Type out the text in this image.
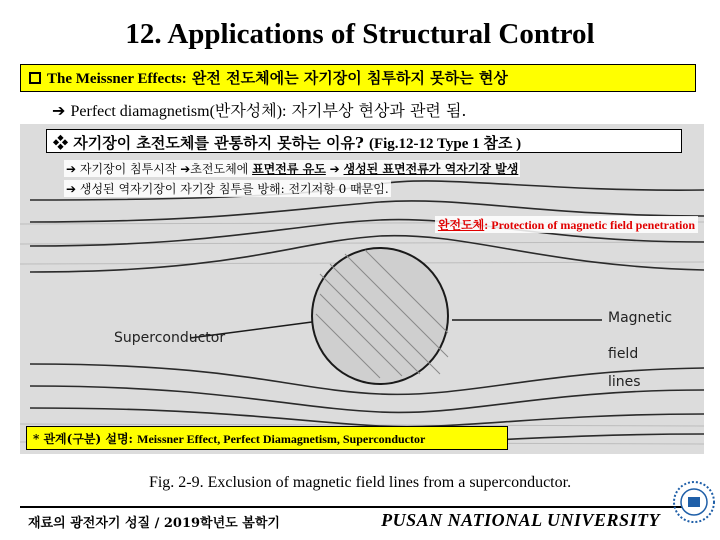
12. Applications of Structural Control
The Meissner Effects: 완전 전도체에는 자기장이 침투하지 못하는 현상
➔ Perfect diamagnetism(반자성체): 자기부상 현상과 관련 됨.
Superconductor
Magnetic
field
lines
❖ 자기장이 초전도체를 관통하지 못하는 이유? (Fig.12-12 Type 1 참조 )
➔ 자기장이 침투시작 ➔초전도체에 표면전류 유도 ➔ 생성된 표면전류가 역자기장 발생
➔ 생성된 역자기장이 자기장 침투를 방해: 전기저항 0 때문임.
완전도체: Protection of magnetic field penetration
* 관계(구분) 설명: Meissner Effect, Perfect Diamagnetism, Superconductor
Fig. 2-9. Exclusion of magnetic field lines from a superconductor.
재료의 광전자기 성질 / 2019학년도 봄학기	PUSAN NATIONAL UNIVERSITY
